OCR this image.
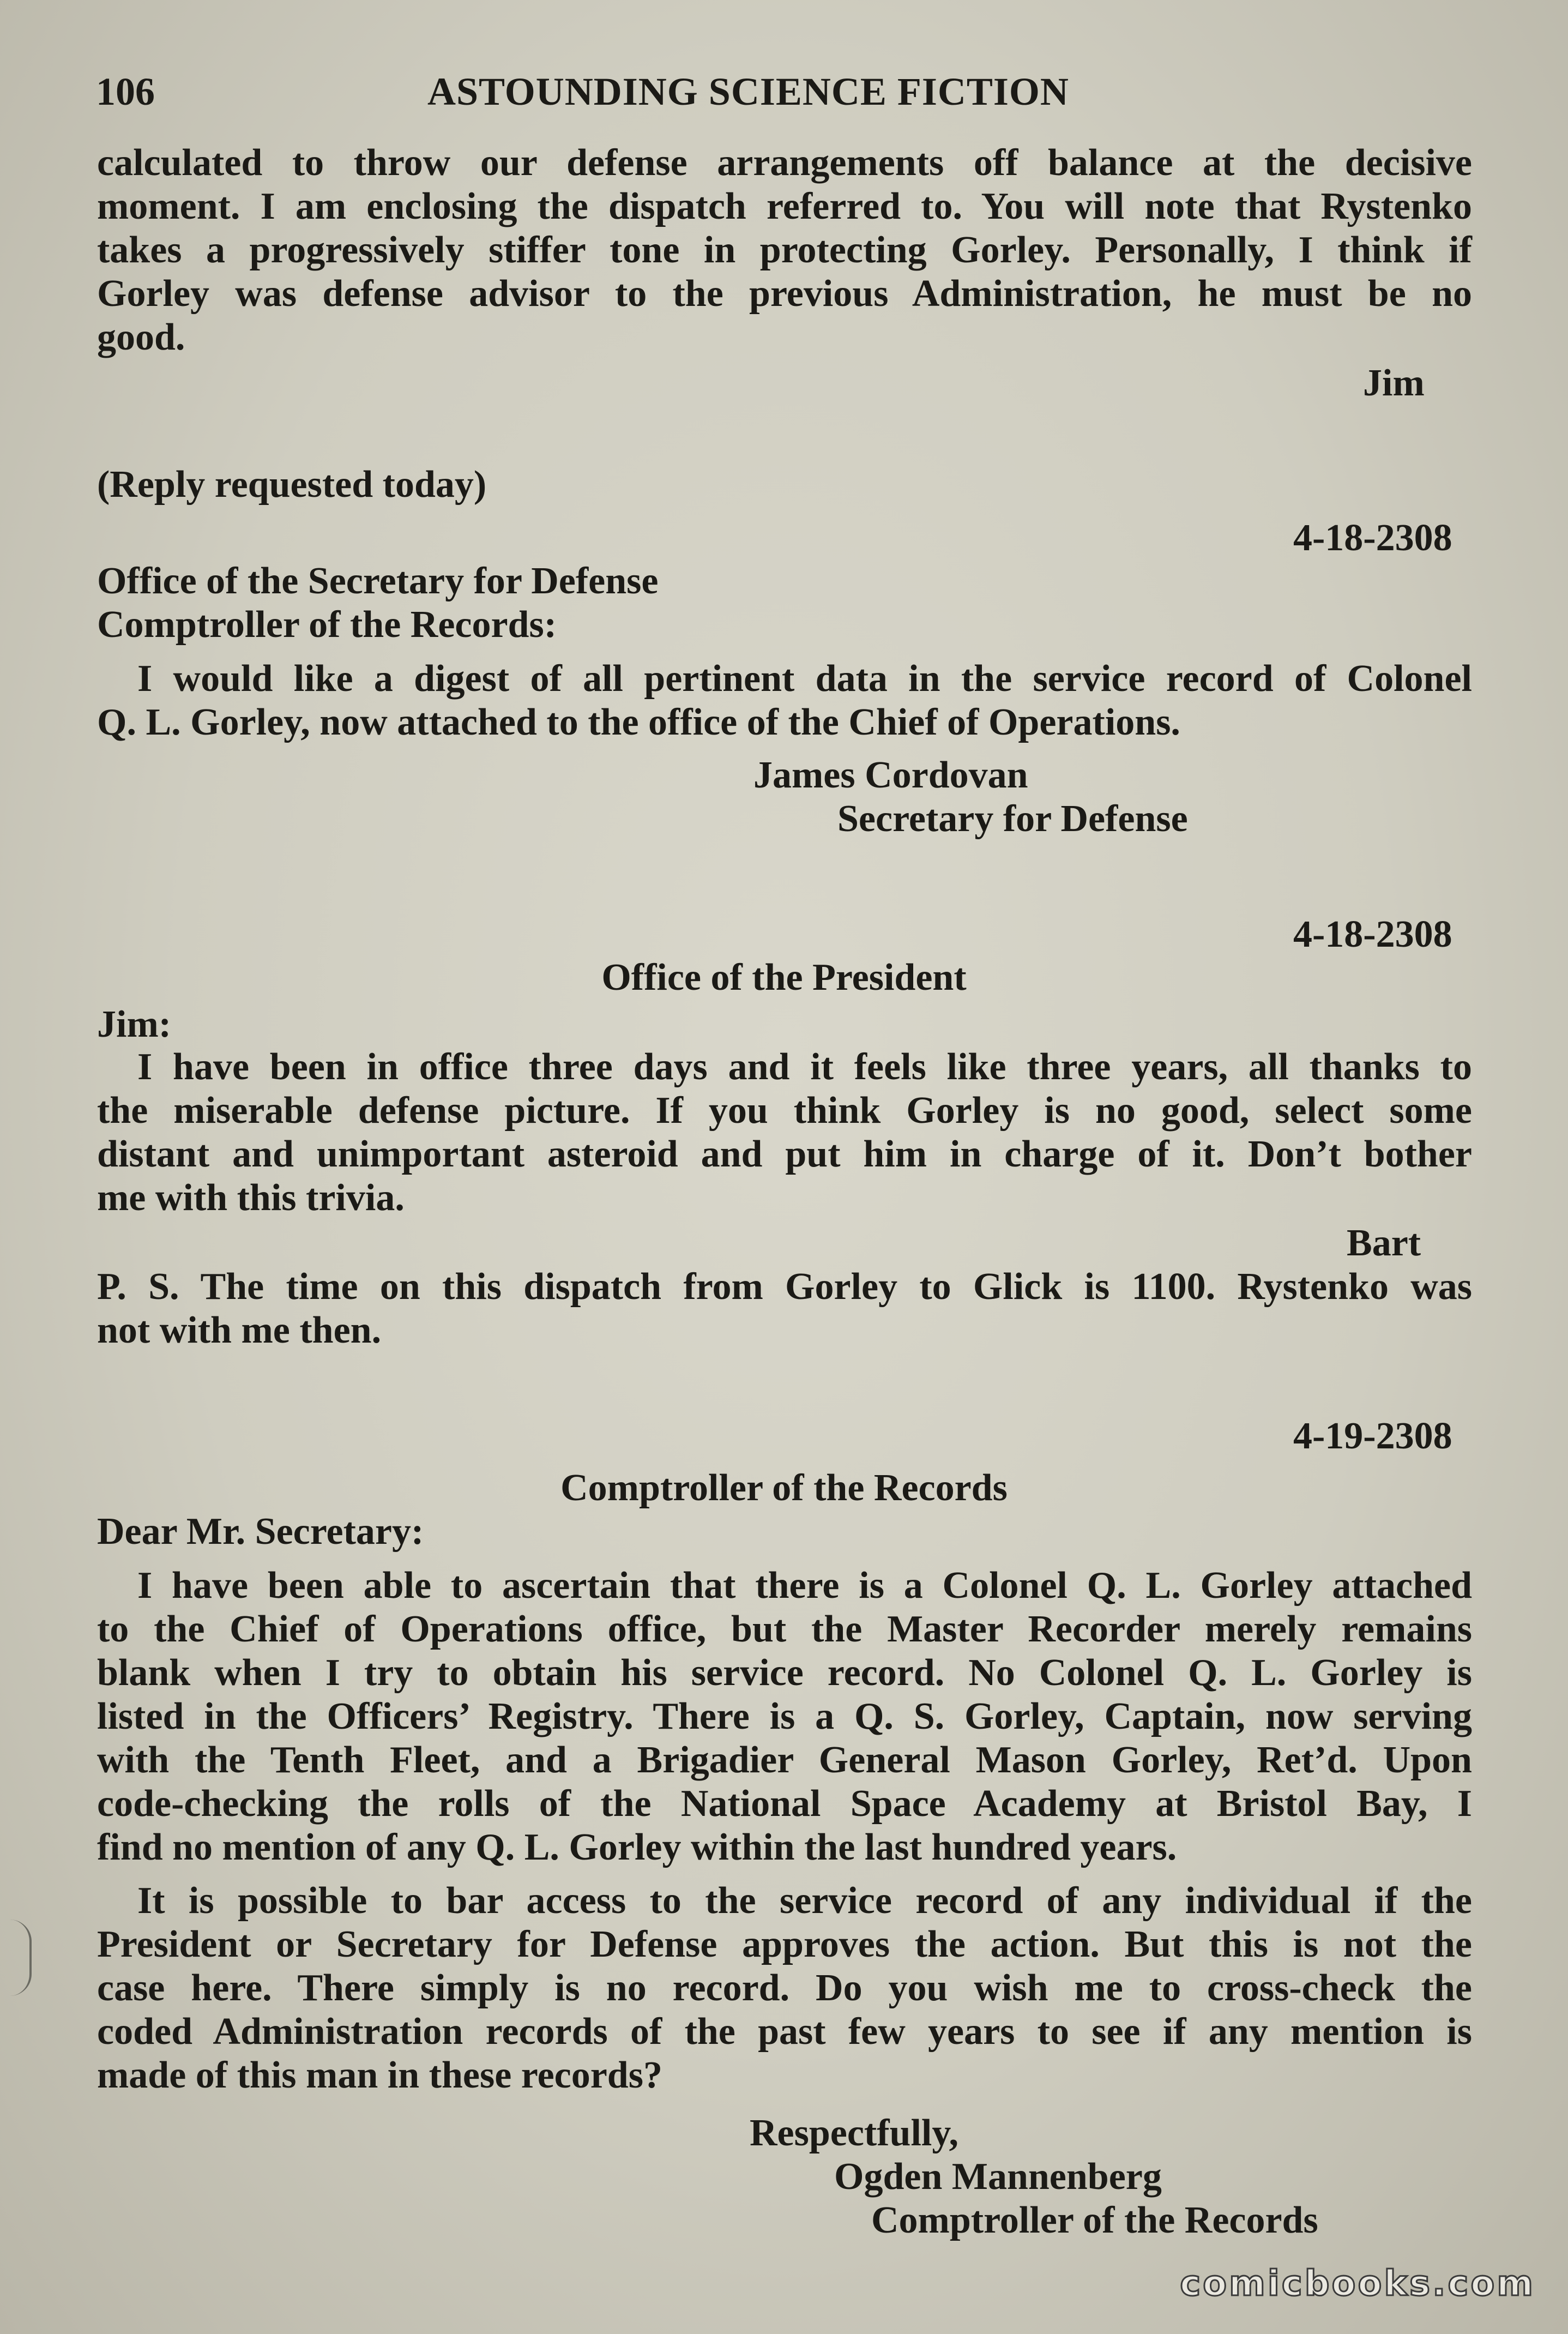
106	ASTOUNDING SCIENCE FICTION
calculated to throw our defense arrangements off balance at the decisive
moment. I am enclosing the dispatch referred to. You will note that Rystenko
takes a progressively stiffer tone in protecting Gorley. Personally, I think if
Gorley was defense advisor to the previous Administration, he must be no
good.
Jim
(Reply requested today)
4-18-2308
Office of the Secretary for Defense
Comptroller of the Records:
I would like a digest of all pertinent data in the service record of Colonel
Q. L. Gorley, now attached to the office of the Chief of Operations.
James Cordovan
Secretary for Defense
4-18-2308
Office of the President
Jim:
I have been in office three days and it feels like three years, all thanks to
the miserable defense picture. If you think Gorley is no good, select some
distant and unimportant asteroid and put him in charge of it. Don’t bother
me with this trivia.
Bart
P. S. The time on this dispatch from Gorley to Glick is 1100. Rystenko was
not with me then.
4-19-2308
Comptroller of the Records
Dear Mr. Secretary:
I have been able to ascertain that there is a Colonel Q. L. Gorley attached
to the Chief of Operations office, but the Master Recorder merely remains
blank when I try to obtain his service record. No Colonel Q. L. Gorley is
listed in the Officers’ Registry. There is a Q. S. Gorley, Captain, now serving
with the Tenth Fleet, and a Brigadier General Mason Gorley, Ret’d. Upon
code-checking the rolls of the National Space Academy at Bristol Bay, I
find no mention of any Q. L. Gorley within the last hundred years.
It is possible to bar access to the service record of any individual if the
President or Secretary for Defense approves the action. But this is not the
case here. There simply is no record. Do you wish me to cross-check the
coded Administration records of the past few years to see if any mention is
made of this man in these records?
Respectfully,
Ogden Mannenberg
Comptroller of the Records
comicbooks.com
